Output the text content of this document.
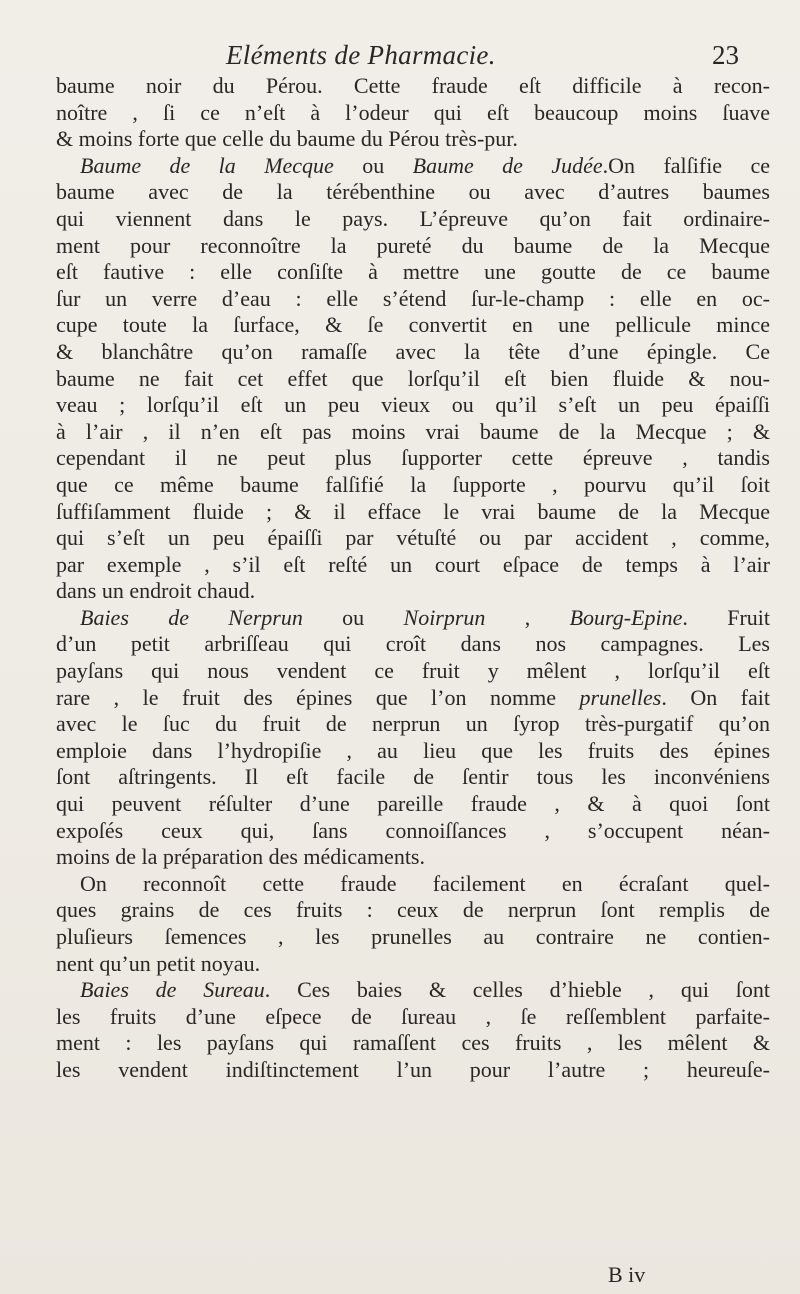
Eléments de Pharmacie.	23
baume noir du Pérou. Cette fraude eſt difficile à recon-
noître , ſi ce n’eſt à l’odeur qui eſt beaucoup moins ſuave
& moins forte que celle du baume du Pérou très-pur.
Baume de la Mecque ou Baume de Judée.On falſifie ce
baume avec de la térébenthine ou avec d’autres baumes
qui viennent dans le pays. L’épreuve qu’on fait ordinaire-
ment pour reconnoître la pureté du baume de la Mecque
eſt fautive : elle conſiſte à mettre une goutte de ce baume
ſur un verre d’eau : elle s’étend ſur-le-champ : elle en oc-
cupe toute la ſurface, & ſe convertit en une pellicule mince
& blanchâtre qu’on ramaſſe avec la tête d’une épingle. Ce
baume ne fait cet effet que lorſqu’il eſt bien fluide & nou-
veau ; lorſqu’il eſt un peu vieux ou qu’il s’eſt un peu épaiſſi
à l’air , il n’en eſt pas moins vrai baume de la Mecque ; &
cependant il ne peut plus ſupporter cette épreuve , tandis
que ce même baume falſifié la ſupporte , pourvu qu’il ſoit
ſuffiſamment fluide ; & il efface le vrai baume de la Mecque
qui s’eſt un peu épaiſſi par vétuſté ou par accident , comme,
par exemple , s’il eſt reſté un court eſpace de temps à l’air
dans un endroit chaud.
Baies de Nerprun ou Noirprun , Bourg-Epine. Fruit
d’un petit arbriſſeau qui croît dans nos campagnes. Les
payſans qui nous vendent ce fruit y mêlent , lorſqu’il eſt
rare , le fruit des épines que l’on nomme prunelles. On fait
avec le ſuc du fruit de nerprun un ſyrop très-purgatif qu’on
emploie dans l’hydropiſie , au lieu que les fruits des épines
ſont aſtringents. Il eſt facile de ſentir tous les inconvéniens
qui peuvent réſulter d’une pareille fraude , & à quoi ſont
expoſés ceux qui, ſans connoiſſances , s’occupent néan-
moins de la préparation des médicaments.
On reconnoît cette fraude facilement en écraſant quel-
ques grains de ces fruits : ceux de nerprun ſont remplis de
pluſieurs ſemences , les prunelles au contraire ne contien-
nent qu’un petit noyau.
Baies de Sureau. Ces baies & celles d’hieble , qui ſont
les fruits d’une eſpece de ſureau , ſe reſſemblent parfaite-
ment : les payſans qui ramaſſent ces fruits , les mêlent &
les vendent indiſtinctement l’un pour l’autre ; heureuſe-
B iv
